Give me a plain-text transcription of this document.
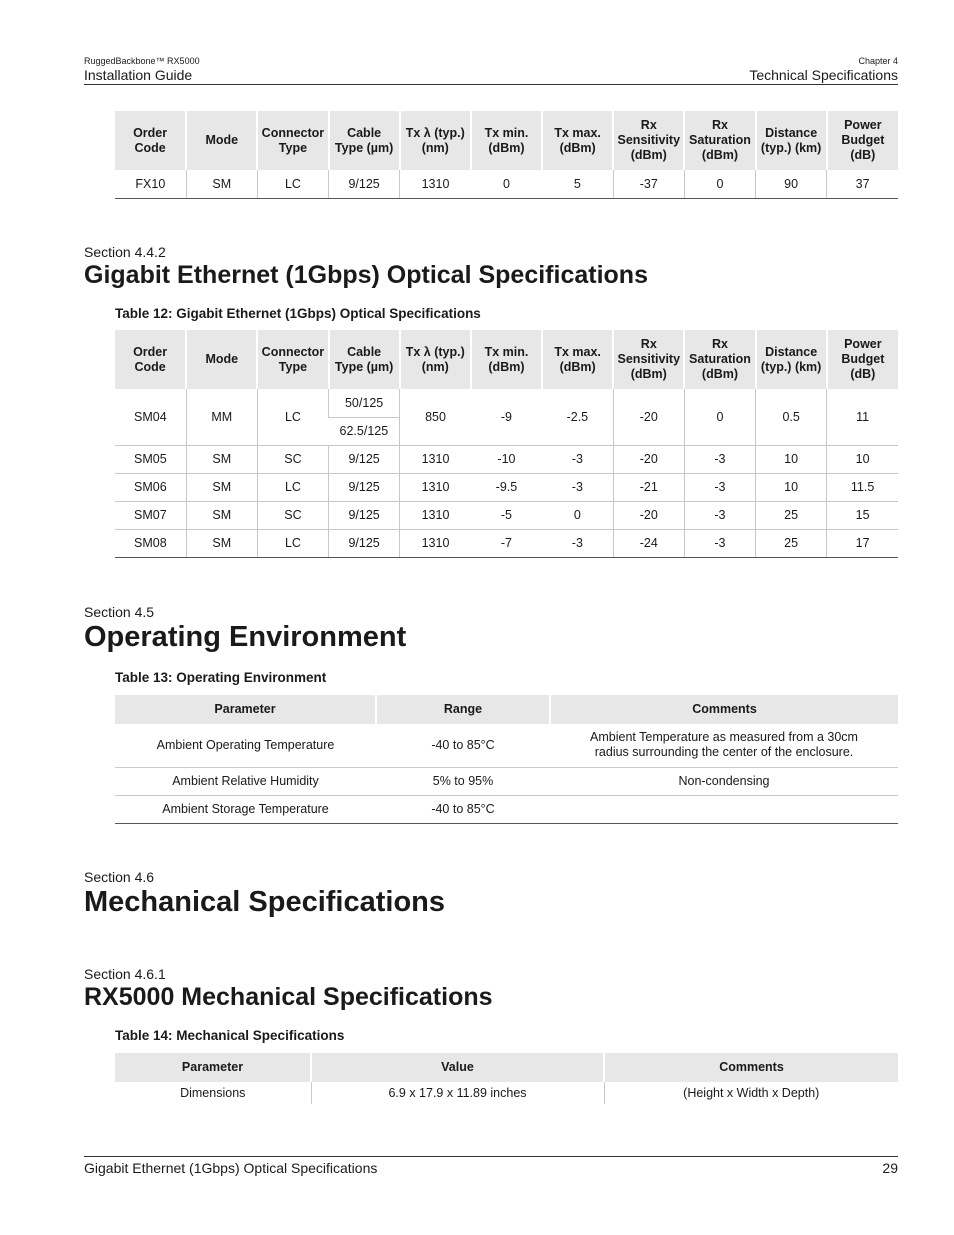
RuggedBackbone™ RX5000
Installation Guide
Chapter 4
Technical Specifications
Order Code	Mode	Connector Type	Cable Type (µm)	Tx λ (typ.) (nm)	Tx min. (dBm)	Tx max. (dBm)	Rx Sensitivity (dBm)	Rx Saturation (dBm)	Distance (typ.) (km)	Power Budget (dB)
FX10	SM	LC	9/125	1310	0	5	-37	0	90	37
Section 4.4.2
Gigabit Ethernet (1Gbps) Optical Specifications
Table 12: Gigabit Ethernet (1Gbps) Optical Specifications
Order Code	Mode	Connector Type	Cable Type (µm)	Tx λ (typ.) (nm)	Tx min. (dBm)	Tx max. (dBm)	Rx Sensitivity (dBm)	Rx Saturation (dBm)	Distance (typ.) (km)	Power Budget (dB)
SM04	MM	LC	50/125	850	-9	-2.5	-20	0	0.5	11
			62.5/125							
SM05	SM	SC	9/125	1310	-10	-3	-20	-3	10	10
SM06	SM	LC	9/125	1310	-9.5	-3	-21	-3	10	11.5
SM07	SM	SC	9/125	1310	-5	0	-20	-3	25	15
SM08	SM	LC	9/125	1310	-7	-3	-24	-3	25	17
Section 4.5
Operating Environment
Table 13: Operating Environment
Parameter	Range	Comments
Ambient Operating Temperature	-40 to 85°C	Ambient Temperature as measured from a 30cm radius surrounding the center of the enclosure.
Ambient Relative Humidity	5% to 95%	Non-condensing
Ambient Storage Temperature	-40 to 85°C	
Section 4.6
Mechanical Specifications
Section 4.6.1
RX5000 Mechanical Specifications
Table 14: Mechanical Specifications
Parameter	Value	Comments
Dimensions	6.9 x 17.9 x 11.89 inches	(Height x Width x Depth)
Gigabit Ethernet (1Gbps) Optical Specifications	29
